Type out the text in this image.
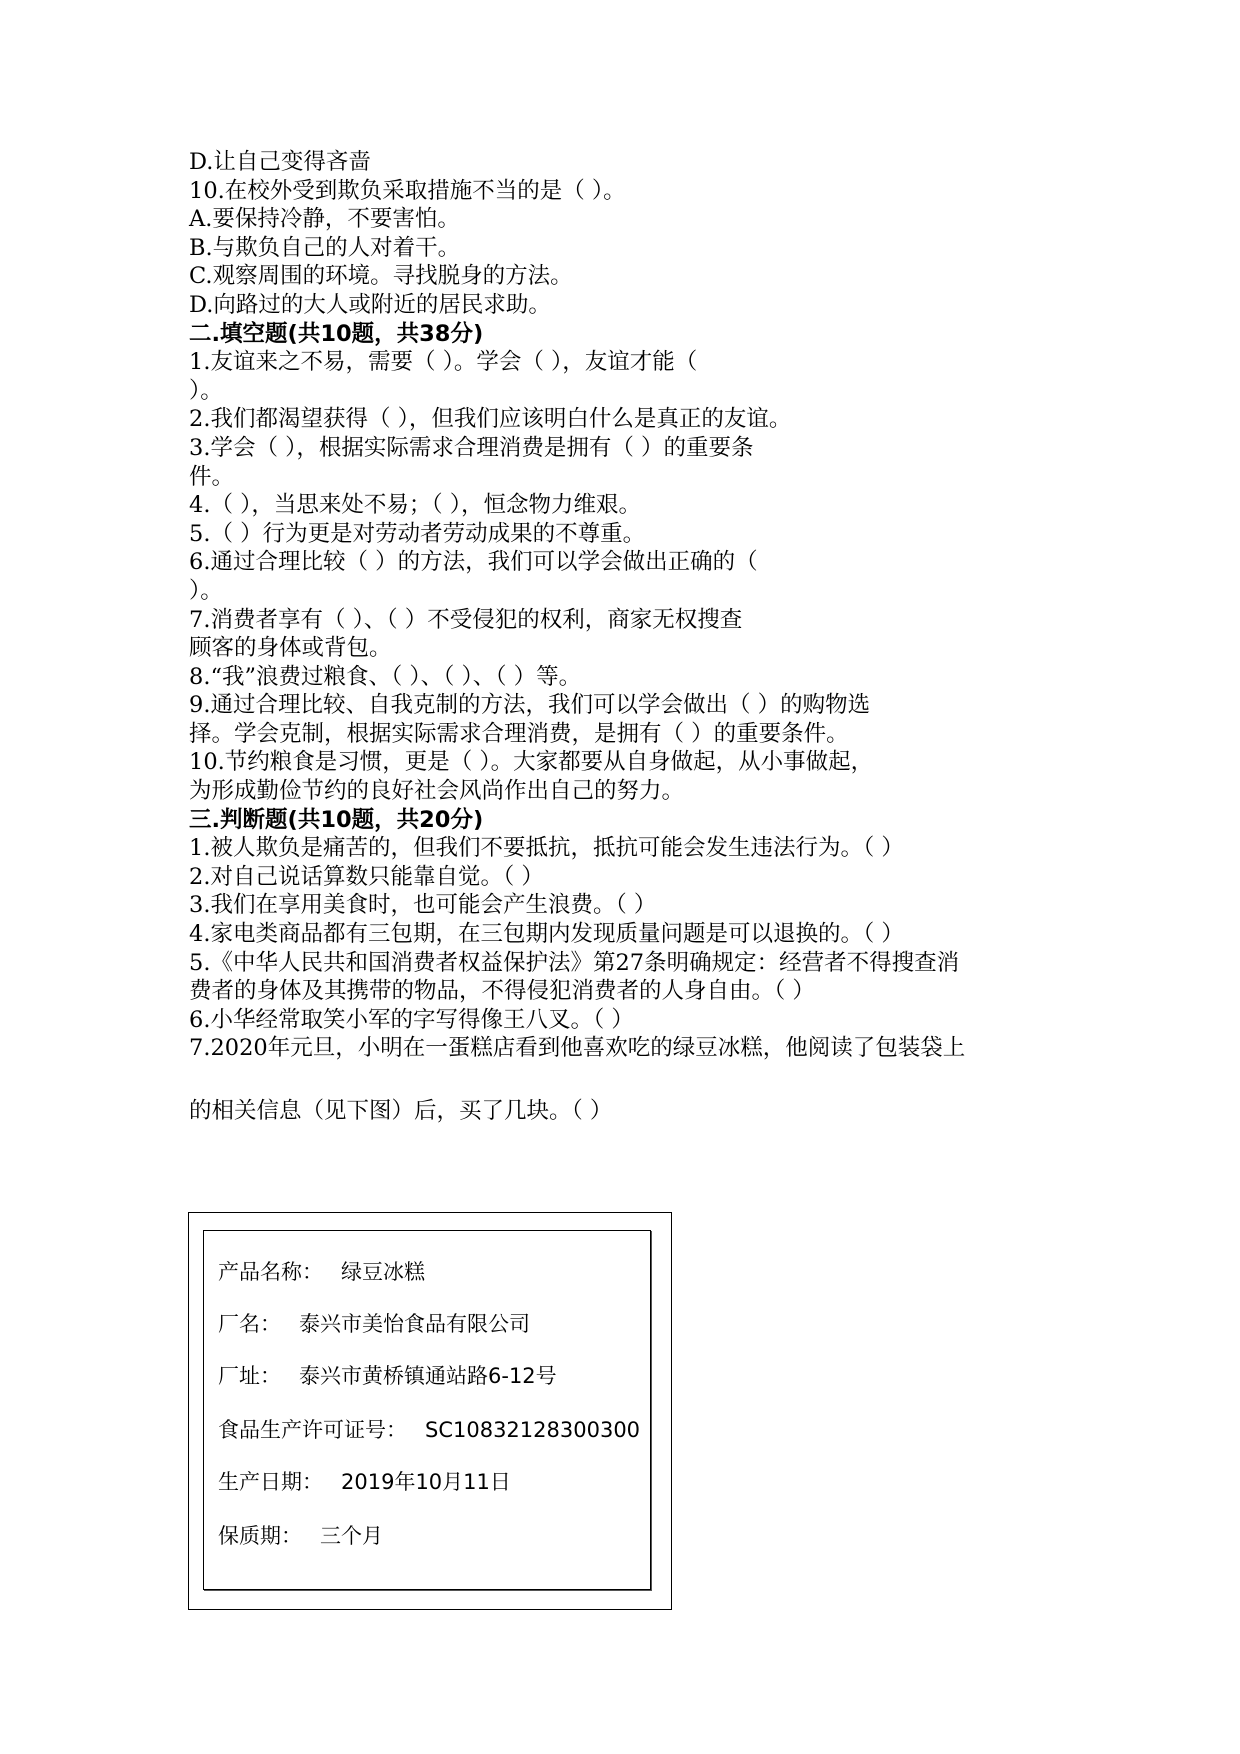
D.让自己变得吝啬
10.在校外受到欺负采取措施不当的是（ ）。
A.要保持冷静，不要害怕。
B.与欺负自己的人对着干。
C.观察周围的环境。寻找脱身的方法。
D.向路过的大人或附近的居民求助。
二.填空题(共10题，共38分)
1.友谊来之不易，需要（ ）。学会（ ），友谊才能（
）。
2.我们都渴望获得（ ），但我们应该明白什么是真正的友谊。
3.学会（ ），根据实际需求合理消费是拥有（ ）的重要条
件。
4.（ ），当思来处不易；（ ），恒念物力维艰。
5.（ ）行为更是对劳动者劳动成果的不尊重。
6.通过合理比较（ ）的方法，我们可以学会做出正确的（
）。
7.消费者享有（ ）、（ ）不受侵犯的权利，商家无权搜查
顾客的身体或背包。
8.“我”浪费过粮食、（ ）、（ ）、（ ）等。
9.通过合理比较、自我克制的方法，我们可以学会做出（ ）的购物选
择。学会克制，根据实际需求合理消费，是拥有（ ）的重要条件。
10.节约粮食是习惯，更是（ ）。大家都要从自身做起，从小事做起，
为形成勤俭节约的良好社会风尚作出自己的努力。
三.判断题(共10题，共20分)
1.被人欺负是痛苦的，但我们不要抵抗，抵抗可能会发生违法行为。（ ）
2.对自己说话算数只能靠自觉。（ ）
3.我们在享用美食时，也可能会产生浪费。（ ）
4.家电类商品都有三包期，在三包期内发现质量问题是可以退换的。（ ）
5.《中华人民共和国消费者权益保护法》第27条明确规定：经营者不得搜查消
费者的身体及其携带的物品，不得侵犯消费者的人身自由。（ ）
6.小华经常取笑小军的字写得像王八叉。（ ）
7.2020年元旦，小明在一蛋糕店看到他喜欢吃的绿豆冰糕，他阅读了包装袋上
的相关信息（见下图）后，买了几块。（ ）
产品名称： 绿豆冰糕
厂名： 泰兴市美怡食品有限公司
厂址： 泰兴市黄桥镇通站路6-12号
食品生产许可证号： SC10832128300300
生产日期： 2019年10月11日
保质期： 三个月
